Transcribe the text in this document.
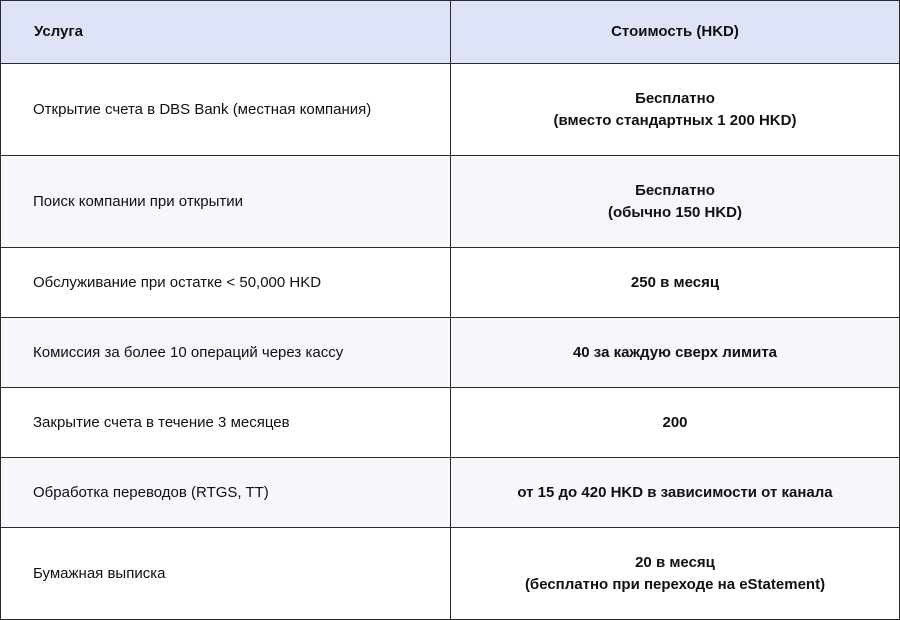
Услуга	Стоимость (HKD)
Открытие счета в DBS Bank (местная компания)	Бесплатно
(вместо стандартных 1 200 HKD)

Поиск компании при открытии	Бесплатно
(обычно 150 HKD)

Обслуживание при остатке < 50,000 HKD	250 в месяц

Комиссия за более 10 операций через кассу	40 за каждую сверх лимита

Закрытие счета в течение 3 месяцев	200

Обработка переводов (RTGS, TT)	от 15 до 420 HKD в зависимости от канала

Бумажная выписка	20 в месяц
(бесплатно при переходе на eStatement)
